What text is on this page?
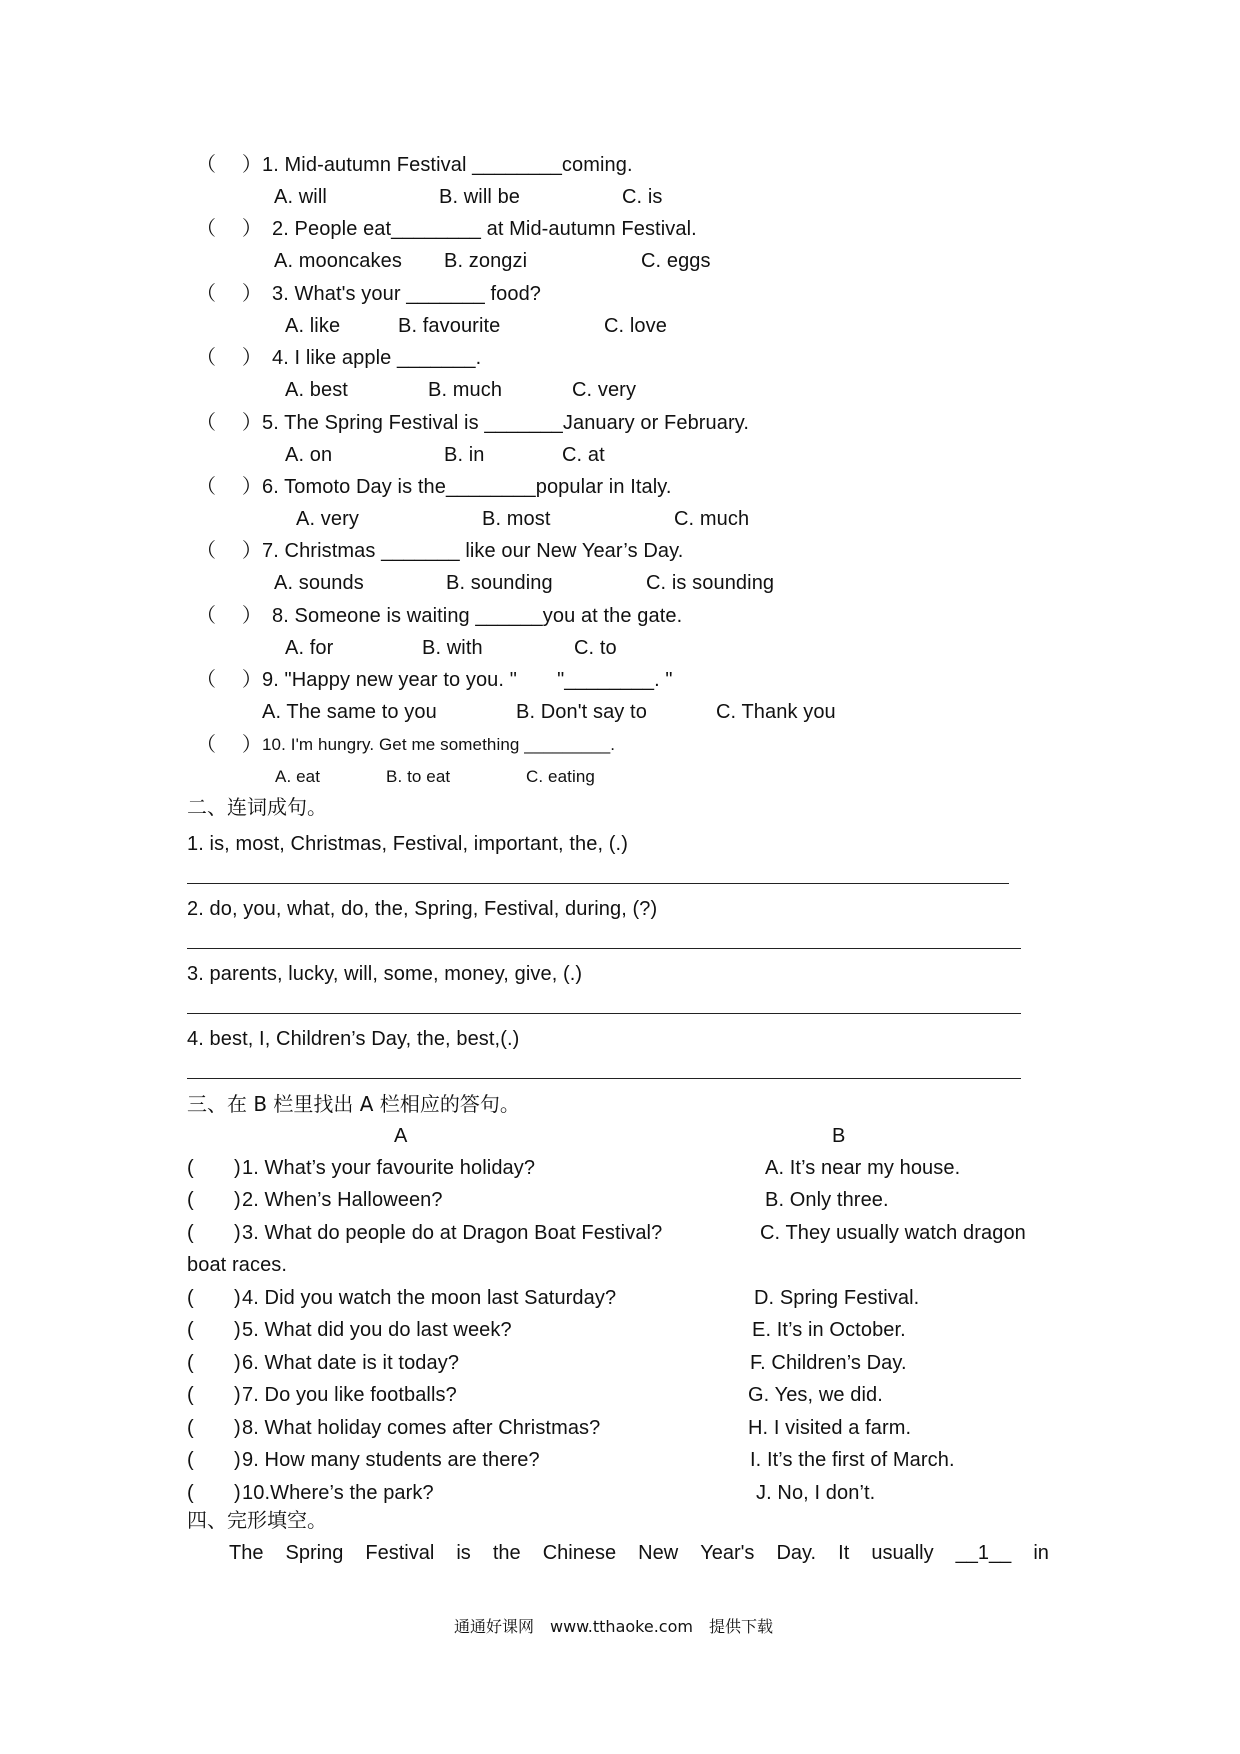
（　 ） 1. Mid-autumn Festival ________coming.
A. will	B. will be	C. is
（　 ） 2. People eat________ at Mid-autumn Festival.
A. mooncakes B. zongzi	C. eggs
（　 ） 3. What's your _______ food?
A. like	B. favourite	C. love
（　 ） 4. I like apple _______.
A. best	B. much	C. very
（　 ） 5. The Spring Festival is _______January or February.
A. on	B. in	C. at
（　 ） 6. Tomoto Day is the________popular in Italy.
A. very	B. most	C. much
（　 ） 7. Christmas _______ like our New Year’s Day.
A. sounds	B. sounding	C. is sounding
（　 ） 8. Someone is waiting ______you at the gate.
A. for	B. with	C. to
（　 ） 9. "Happy new year to you. "　　"________. "
A. The same to you	B. Don't say to	C. Thank you
（　 ） 10. I'm hungry. Get me something _________.
A. eat	B. to eat	C. eating
二、连词成句。
1. is, most, Christmas, Festival, important, the, (.)
2. do, you, what, do, the, Spring, Festival, during, (?)
3. parents, lucky, will, some, money, give, (.)
4. best, I, Children’s Day, the, best,(.)
三、在 B 栏里找出 A 栏相应的答句。
A	B
(　　) 1. What’s your favourite holiday?	A. It’s near my house.
(　　) 2. When’s Halloween?	B. Only three.
(　　) 3. What do people do at Dragon Boat Festival?	C. They usually watch dragon
(　　) 4. Did you watch the moon last Saturday?	D. Spring Festival.
(　　) 5. What did you do last week?	E. It’s in October.
(　　) 6. What date is it today?	F. Children’s Day.
(　　) 7. Do you like footballs?	G. Yes, we did.
(　　) 8. What holiday comes after Christmas?	H. I visited a farm.
(　　) 9. How many students are there?	I. It’s the first of March.
(　　) 10.Where’s the park?	J. No, I don’t.
boat races.
四、完形填空。
The Spring Festival is the Chinese New Year's Day. It usually __1__ in
通通好课网　www.tthaoke.com　提供下载
